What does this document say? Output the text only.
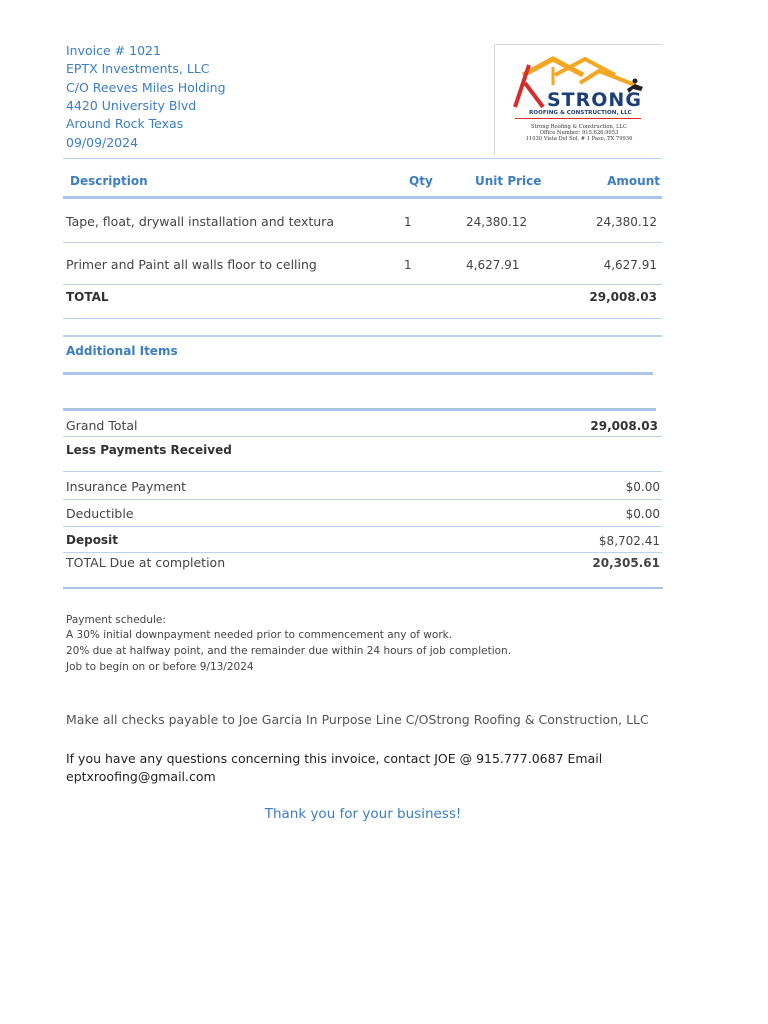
Invoice # 1021
EPTX Investments, LLC
C/O Reeves Miles Holding
4420 University Blvd
Around Rock Texas
09/09/2024
STRONG
ROOFING & CONSTRUCTION, LLC
Strong Roofing & Construction, LLC
Office Number: 915.626.9053
11030 Vista Del Sol, # 1 Paso, TX 79936
Description	Qty	Unit Price	Amount
Tape, float, drywall installation and textura	1	24,380.12	24,380.12
Primer and Paint all walls floor to celling	1	4,627.91	4,627.91
TOTAL	29,008.03
Additional Items
Grand Total	29,008.03
Less Payments Received
Insurance Payment	$0.00
Deductible	$0.00
Deposit	$8,702.41
TOTAL Due at completion	20,305.61
Payment schedule:
A 30% initial downpayment needed prior to commencement any of work.
20% due at halfway point, and the remainder due within 24 hours of job completion.
Job to begin on or before 9/13/2024
Make all checks payable to Joe Garcia In Purpose Line C/OStrong Roofing & Construction, LLC
If you have any questions concerning this invoice, contact JOE @ 915.777.0687 Email eptxroofing@gmail.com
Thank you for your business!
